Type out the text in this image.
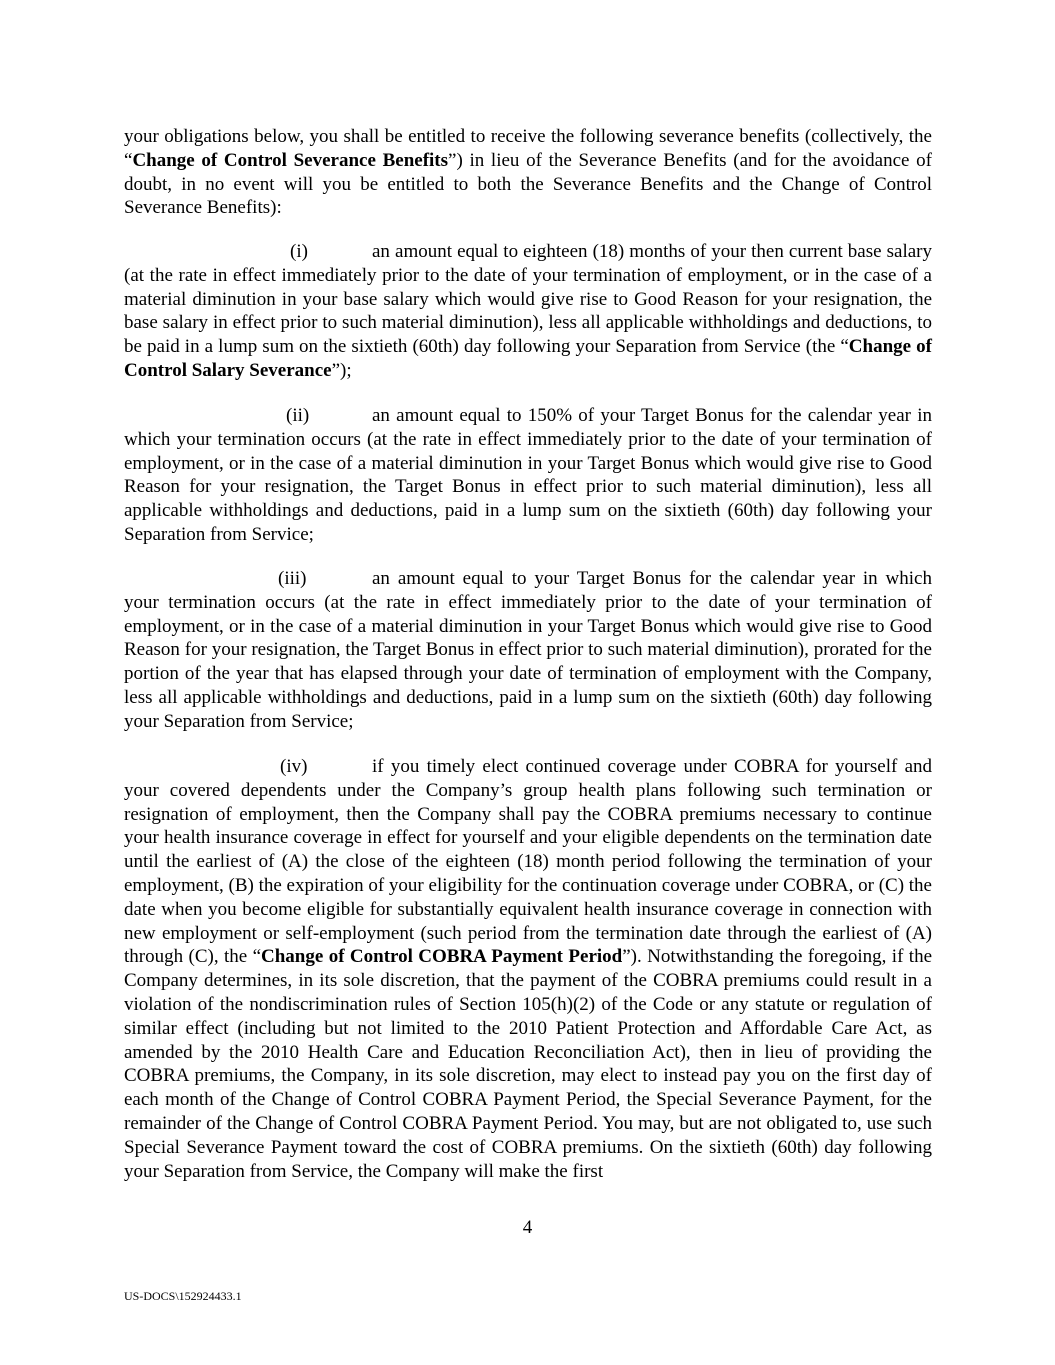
your obligations below, you shall be entitled to receive the following severance benefits (collectively, the “Change of Control Severance Benefits”) in lieu of the Severance Benefits (and for the avoidance of doubt, in no event will you be entitled to both the Severance Benefits and the Change of Control Severance Benefits):
(i)	an amount equal to eighteen (18) months of your then current base salary (at the rate in effect immediately prior to the date of your termination of employment, or in the case of a material diminution in your base salary which would give rise to Good Reason for your resignation, the base salary in effect prior to such material diminution), less all applicable withholdings and deductions, to be paid in a lump sum on the sixtieth (60th) day following your Separation from Service (the “Change of Control Salary Severance”);
(ii)	an amount equal to 150% of your Target Bonus for the calendar year in which your termination occurs (at the rate in effect immediately prior to the date of your termination of employment, or in the case of a material diminution in your Target Bonus which would give rise to Good Reason for your resignation, the Target Bonus in effect prior to such material diminution), less all applicable withholdings and deductions, paid in a lump sum on the sixtieth (60th) day following your Separation from Service;
(iii)	an amount equal to your Target Bonus for the calendar year in which your termination occurs (at the rate in effect immediately prior to the date of your termination of employment, or in the case of a material diminution in your Target Bonus which would give rise to Good Reason for your resignation, the Target Bonus in effect prior to such material diminution), prorated for the portion of the year that has elapsed through your date of termination of employment with the Company, less all applicable withholdings and deductions, paid in a lump sum on the sixtieth (60th) day following your Separation from Service;
(iv)	if you timely elect continued coverage under COBRA for yourself and your covered dependents under the Company’s group health plans following such termination or resignation of employment, then the Company shall pay the COBRA premiums necessary to continue your health insurance coverage in effect for yourself and your eligible dependents on the termination date until the earliest of (A) the close of the eighteen (18) month period following the termination of your employment, (B) the expiration of your eligibility for the continuation coverage under COBRA, or (C) the date when you become eligible for substantially equivalent health insurance coverage in connection with new employment or self-employment (such period from the termination date through the earliest of (A) through (C), the “Change of Control COBRA Payment Period”). Notwithstanding the foregoing, if the Company determines, in its sole discretion, that the payment of the COBRA premiums could result in a violation of the nondiscrimination rules of Section 105(h)(2) of the Code or any statute or regulation of similar effect (including but not limited to the 2010 Patient Protection and Affordable Care Act, as amended by the 2010 Health Care and Education Reconciliation Act), then in lieu of providing the COBRA premiums, the Company, in its sole discretion, may elect to instead pay you on the first day of each month of the Change of Control COBRA Payment Period, the Special Severance Payment, for the remainder of the Change of Control COBRA Payment Period. You may, but are not obligated to, use such Special Severance Payment toward the cost of COBRA premiums. On the sixtieth (60th) day following your Separation from Service, the Company will make the first
4
US-DOCS\152924433.1
